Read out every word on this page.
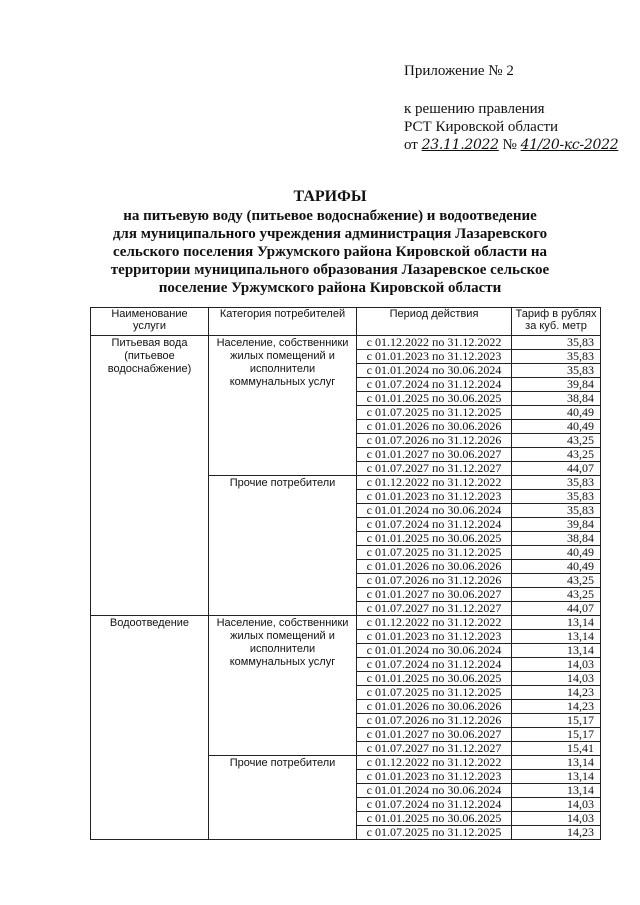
Приложение № 2
к решению правления
РСТ Кировской области
от 23.11.2022 № 41/20-кс-2022
ТАРИФЫ
на питьевую воду (питьевое водоснабжение) и водоотведение
для муниципального учреждения администрация Лазаревского
сельского поселения Уржумского района Кировской области на
территории муниципального образования Лазаревское сельское
поселение Уржумского района Кировской области
Наименование услуги	Категория потребителей	Период действия	Тариф в рублях за куб. метр
Питьевая вода (питьевое водоснабжение)	Население, собственники жилых помещений и исполнители коммунальных услуг	с 01.12.2022 по 31.12.2022	35,83
		с 01.01.2023 по 31.12.2023	35,83
		с 01.01.2024 по 30.06.2024	35,83
		с 01.07.2024 по 31.12.2024	39,84
		с 01.01.2025 по 30.06.2025	38,84
		с 01.07.2025 по 31.12.2025	40,49
		с 01.01.2026 по 30.06.2026	40,49
		с 01.07.2026 по 31.12.2026	43,25
		с 01.01.2027 по 30.06.2027	43,25
		с 01.07.2027 по 31.12.2027	44,07
	Прочие потребители	с 01.12.2022 по 31.12.2022	35,83
		с 01.01.2023 по 31.12.2023	35,83
		с 01.01.2024 по 30.06.2024	35,83
		с 01.07.2024 по 31.12.2024	39,84
		с 01.01.2025 по 30.06.2025	38,84
		с 01.07.2025 по 31.12.2025	40,49
		с 01.01.2026 по 30.06.2026	40,49
		с 01.07.2026 по 31.12.2026	43,25
		с 01.01.2027 по 30.06.2027	43,25
		с 01.07.2027 по 31.12.2027	44,07
Водоотведение	Население, собственники жилых помещений и исполнители коммунальных услуг	с 01.12.2022 по 31.12.2022	13,14
		с 01.01.2023 по 31.12.2023	13,14
		с 01.01.2024 по 30.06.2024	13,14
		с 01.07.2024 по 31.12.2024	14,03
		с 01.01.2025 по 30.06.2025	14,03
		с 01.07.2025 по 31.12.2025	14,23
		с 01.01.2026 по 30.06.2026	14,23
		с 01.07.2026 по 31.12.2026	15,17
		с 01.01.2027 по 30.06.2027	15,17
		с 01.07.2027 по 31.12.2027	15,41
	Прочие потребители	с 01.12.2022 по 31.12.2022	13,14
		с 01.01.2023 по 31.12.2023	13,14
		с 01.01.2024 по 30.06.2024	13,14
		с 01.07.2024 по 31.12.2024	14,03
		с 01.01.2025 по 30.06.2025	14,03
		с 01.07.2025 по 31.12.2025	14,23
